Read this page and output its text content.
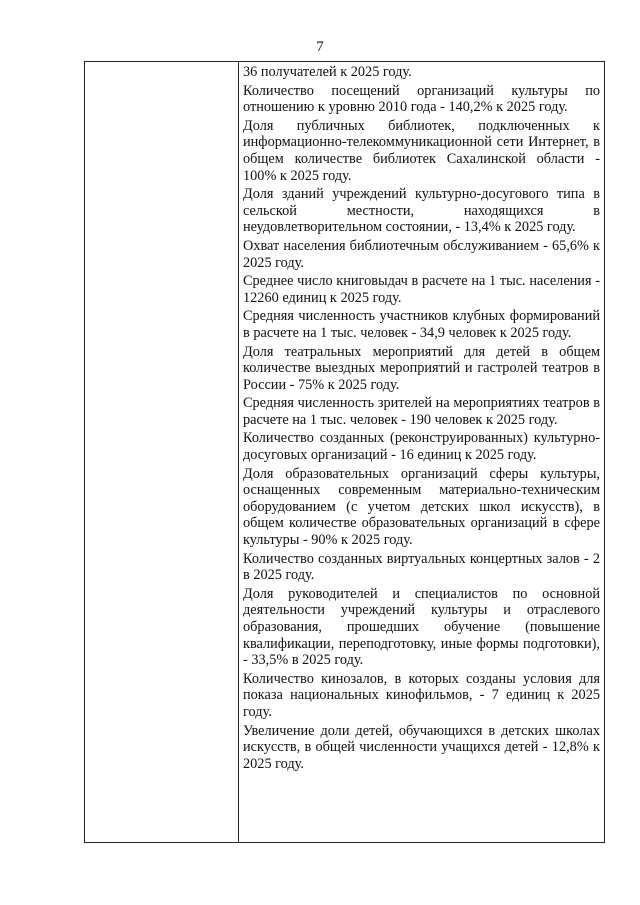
7

36 получателей к 2025 году.

Количество посещений организаций культуры по отношению к уровню 2010 года - 140,2% к 2025 году.

Доля публичных библиотек, подключенных к информационно-телекоммуникационной сети Интернет, в общем количестве библиотек Сахалинской области - 100% к 2025 году.

Доля зданий учреждений культурно-досугового типа в сельской местности, находящихся в неудовлетворительном состоянии, - 13,4% к 2025 году.

Охват населения библиотечным обслуживанием - 65,6% к 2025 году.

Среднее число книговыдач в расчете на 1 тыс. населения - 12260 единиц к 2025 году.

Средняя численность участников клубных формирований в расчете на 1 тыс. человек - 34,9 человек к 2025 году.

Доля театральных мероприятий для детей в общем количестве выездных мероприятий и гастролей театров в России - 75% к 2025 году.

Средняя численность зрителей на мероприятиях театров в расчете на 1 тыс. человек - 190 человек к 2025 году.

Количество созданных (реконструированных) культурно-досуговых организаций - 16 единиц к 2025 году.

Доля образовательных организаций сферы культуры, оснащенных современным материально-техническим оборудованием (с учетом детских школ искусств), в общем количестве образовательных организаций в сфере культуры - 90% к 2025 году.

Количество созданных виртуальных концертных залов - 2 в 2025 году.

Доля руководителей и специалистов по основной деятельности учреждений культуры и отраслевого образования, прошедших обучение (повышение квалификации, переподготовку, иные формы подготовки), - 33,5% в 2025 году.

Количество кинозалов, в которых созданы условия для показа национальных кинофильмов, - 7 единиц к 2025 году.

Увеличение доли детей, обучающихся в детских школах искусств, в общей численности учащихся детей - 12,8% к 2025 году.
